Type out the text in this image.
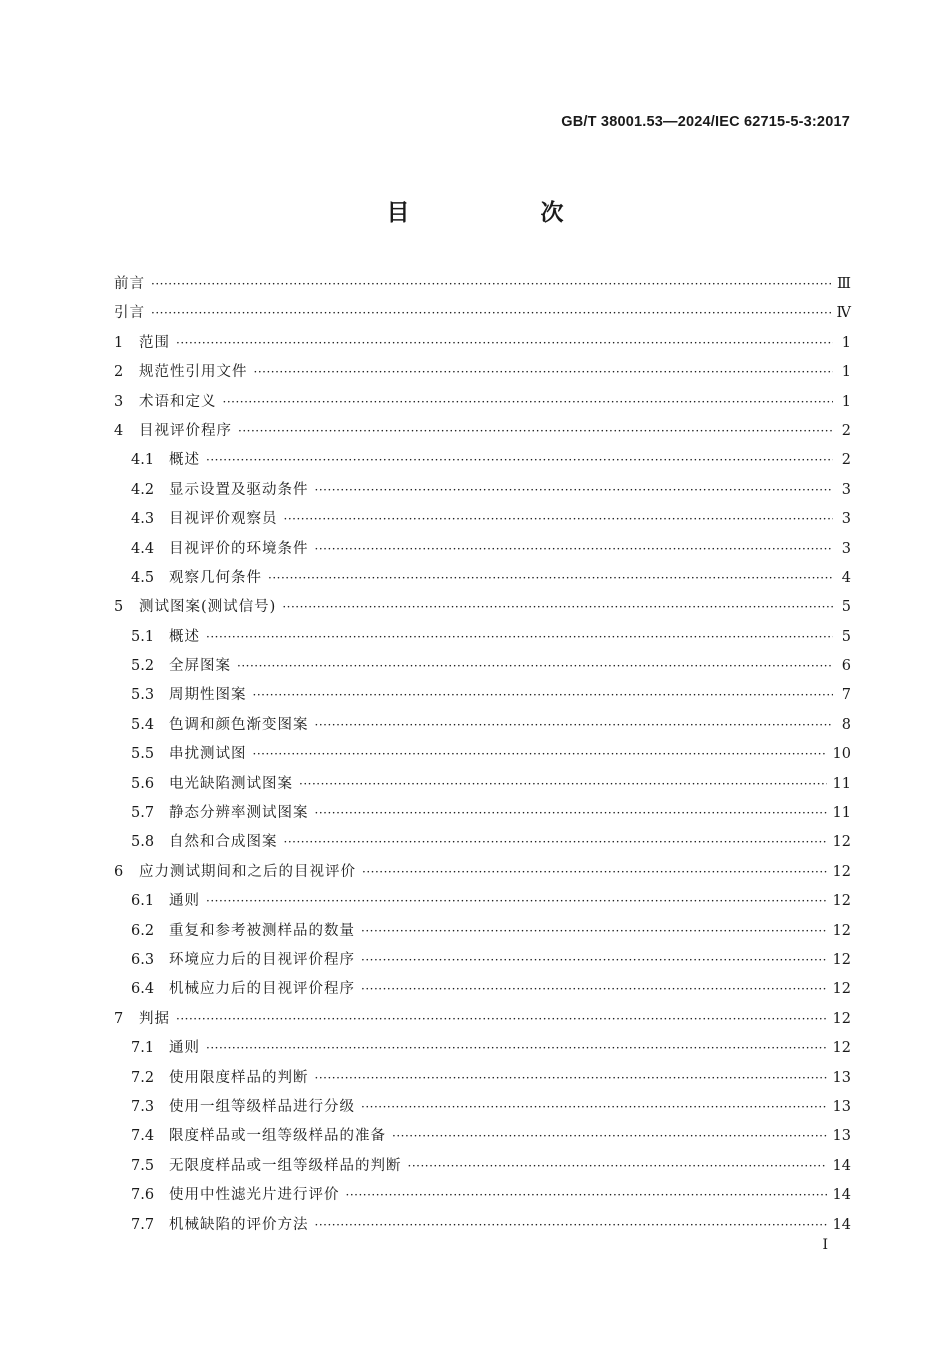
GB/T 38001.53—2024/IEC 62715-5-3:2017
目　次
前言 ·····	Ⅲ
引言 ·····	Ⅳ
1	范围 ·····	1
2	规范性引用文件 ·····	1
3	术语和定义 ·····	1
4	目视评价程序 ·····	2
4.1	概述 ·····	2
4.2	显示设置及驱动条件 ·····	3
4.3	目视评价观察员 ·····	3
4.4	目视评价的环境条件 ·····	3
4.5	观察几何条件 ·····	4
5	测试图案(测试信号) ·····	5
5.1	概述 ·····	5
5.2	全屏图案 ·····	6
5.3	周期性图案 ·····	7
5.4	色调和颜色渐变图案 ·····	8
5.5	串扰测试图 ·····	10
5.6	电光缺陷测试图案 ·····	11
5.7	静态分辨率测试图案 ·····	11
5.8	自然和合成图案 ·····	12
6	应力测试期间和之后的目视评价 ·····	12
6.1	通则 ·····	12
6.2	重复和参考被测样品的数量 ·····	12
6.3	环境应力后的目视评价程序 ·····	12
6.4	机械应力后的目视评价程序 ·····	12
7	判据 ·····	12
7.1	通则 ·····	12
7.2	使用限度样品的判断 ·····	13
7.3	使用一组等级样品进行分级 ·····	13
7.4	限度样品或一组等级样品的准备 ·····	13
7.5	无限度样品或一组等级样品的判断 ·····	14
7.6	使用中性滤光片进行评价 ·····	14
7.7	机械缺陷的评价方法 ·····	14
I
